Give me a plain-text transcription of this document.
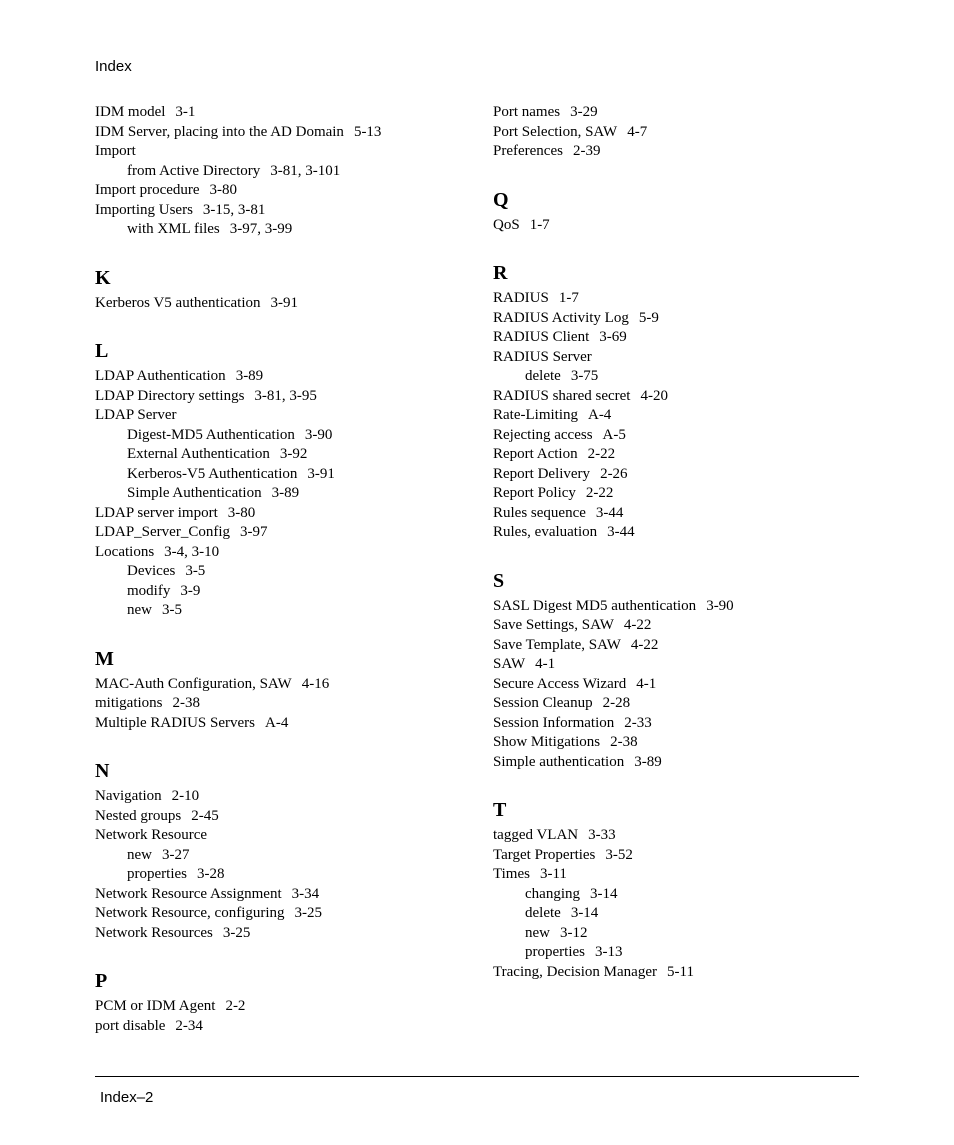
Index
IDM model 3-1
IDM Server, placing into the AD Domain 5-13
Import
from Active Directory 3-81, 3-101
Import procedure 3-80
Importing Users 3-15, 3-81
with XML files 3-97, 3-99
K
Kerberos V5 authentication 3-91
L
LDAP Authentication 3-89
LDAP Directory settings 3-81, 3-95
LDAP Server
Digest-MD5 Authentication 3-90
External Authentication 3-92
Kerberos-V5 Authentication 3-91
Simple Authentication 3-89
LDAP server import 3-80
LDAP_Server_Config 3-97
Locations 3-4, 3-10
Devices 3-5
modify 3-9
new 3-5
M
MAC-Auth Configuration, SAW 4-16
mitigations 2-38
Multiple RADIUS Servers A-4
N
Navigation 2-10
Nested groups 2-45
Network Resource
new 3-27
properties 3-28
Network Resource Assignment 3-34
Network Resource, configuring 3-25
Network Resources 3-25
P
PCM or IDM Agent 2-2
port disable 2-34
Port names 3-29
Port Selection, SAW 4-7
Preferences 2-39
Q
QoS 1-7
R
RADIUS 1-7
RADIUS Activity Log 5-9
RADIUS Client 3-69
RADIUS Server
delete 3-75
RADIUS shared secret 4-20
Rate-Limiting A-4
Rejecting access A-5
Report Action 2-22
Report Delivery 2-26
Report Policy 2-22
Rules sequence 3-44
Rules, evaluation 3-44
S
SASL Digest MD5 authentication 3-90
Save Settings, SAW 4-22
Save Template, SAW 4-22
SAW 4-1
Secure Access Wizard 4-1
Session Cleanup 2-28
Session Information 2-33
Show Mitigations 2-38
Simple authentication 3-89
T
tagged VLAN 3-33
Target Properties 3-52
Times 3-11
changing 3-14
delete 3-14
new 3-12
properties 3-13
Tracing, Decision Manager 5-11
Index–2
